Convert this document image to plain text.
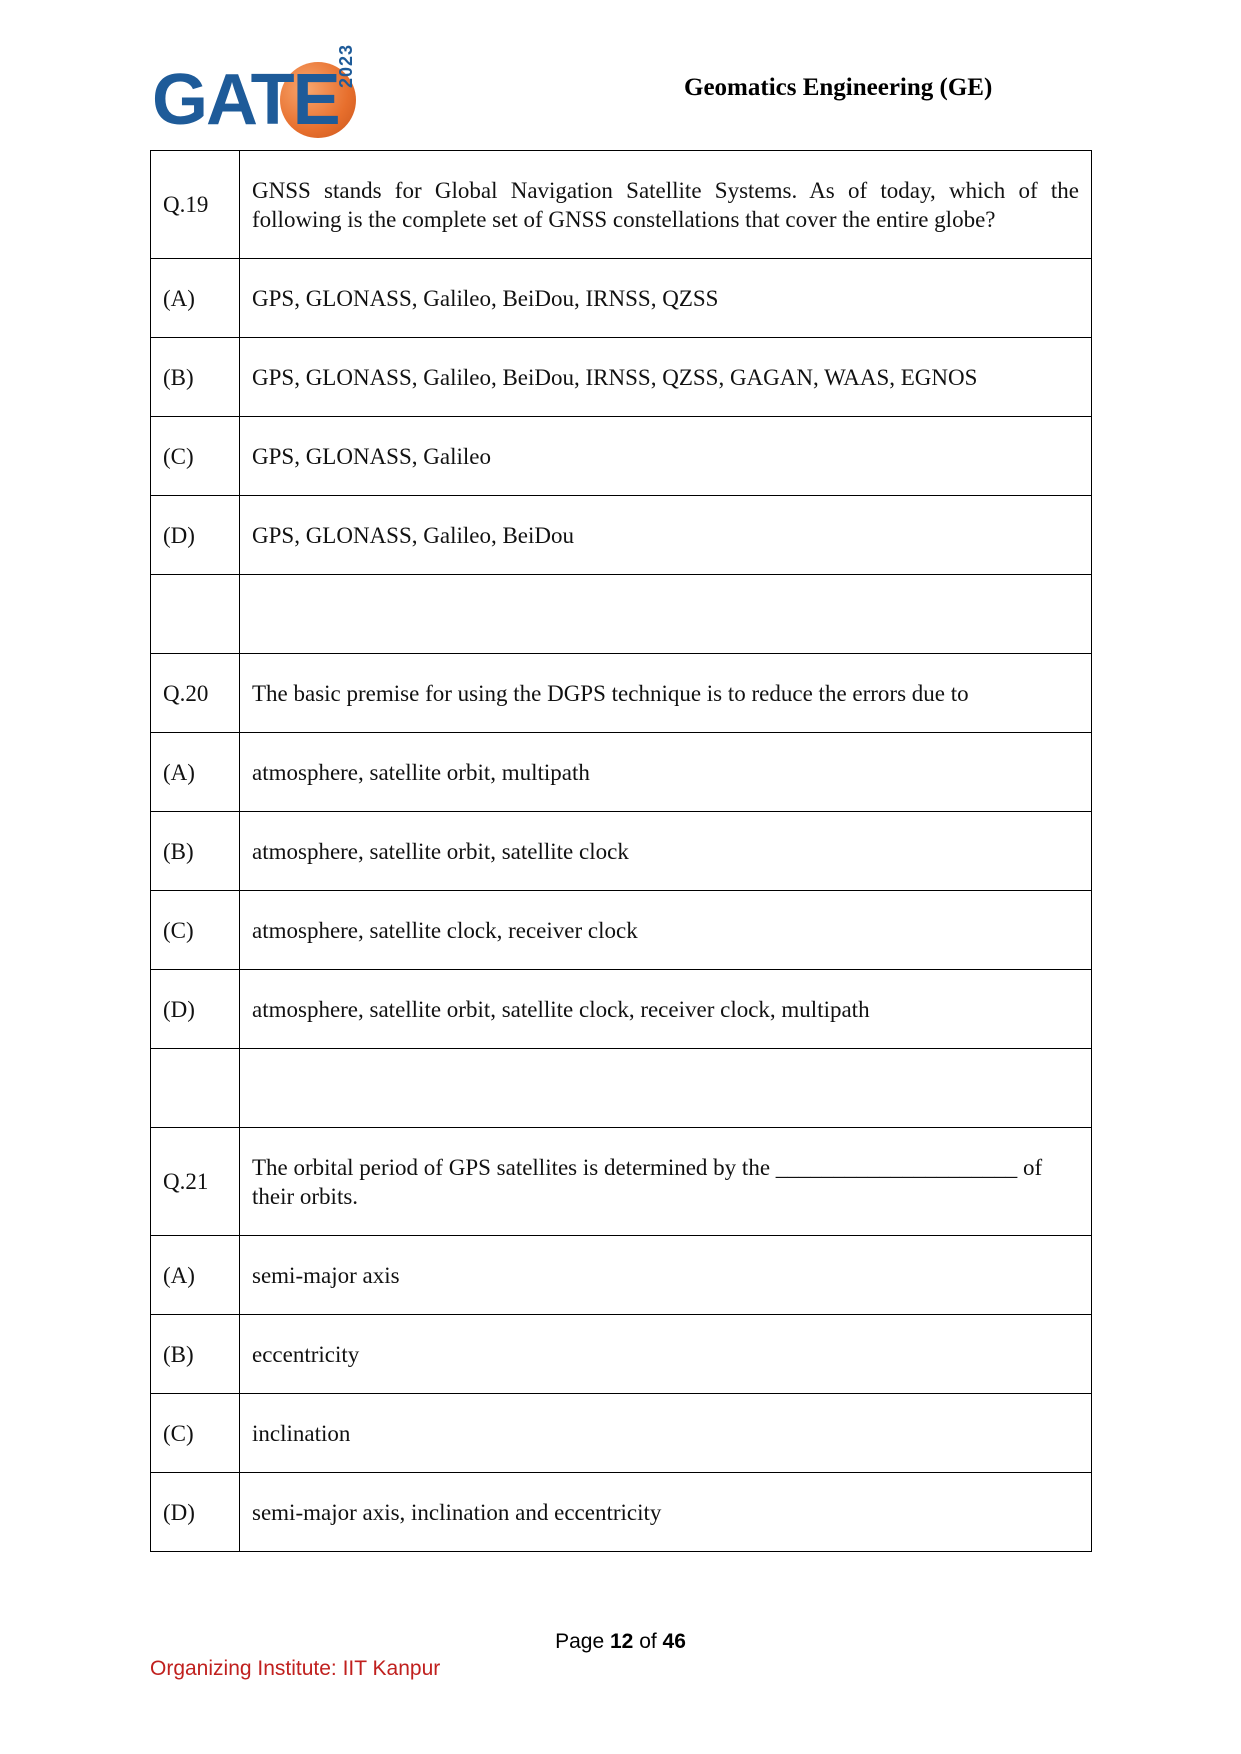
GATE
2023	Geomatics Engineering (GE)
Q.19	GNSS stands for Global Navigation Satellite Systems. As of today, which of the following is the complete set of GNSS constellations that cover the entire globe?
(A)	GPS, GLONASS, Galileo, BeiDou, IRNSS, QZSS
(B)	GPS, GLONASS, Galileo, BeiDou, IRNSS, QZSS, GAGAN, WAAS, EGNOS
(C)	GPS, GLONASS, Galileo
(D)	GPS, GLONASS, Galileo, BeiDou

Q.20	The basic premise for using the DGPS technique is to reduce the errors due to
(A)	atmosphere, satellite orbit, multipath
(B)	atmosphere, satellite orbit, satellite clock
(C)	atmosphere, satellite clock, receiver clock
(D)	atmosphere, satellite orbit, satellite clock, receiver clock, multipath

Q.21	The orbital period of GPS satellites is determined by the _____________________ of their orbits.
(A)	semi-major axis
(B)	eccentricity
(C)	inclination
(D)	semi-major axis, inclination and eccentricity
Page 12 of 46
Organizing Institute: IIT Kanpur
